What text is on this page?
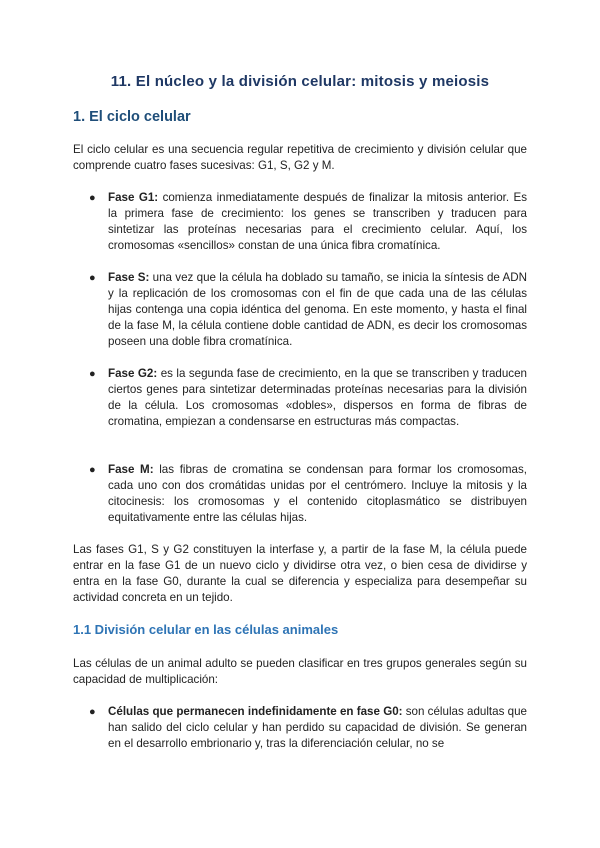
11. El núcleo y la división celular: mitosis y meiosis
1. El ciclo celular

El ciclo celular es una secuencia regular repetitiva de crecimiento y división celular que comprende cuatro fases sucesivas: G1, S, G2 y M.

● Fase G1: comienza inmediatamente después de finalizar la mitosis anterior. Es la primera fase de crecimiento: los genes se transcriben y traducen para sintetizar las proteínas necesarias para el crecimiento celular. Aquí, los cromosomas «sencillos» constan de una única fibra cromatínica.

● Fase S: una vez que la célula ha doblado su tamaño, se inicia la síntesis de ADN y la replicación de los cromosomas con el fin de que cada una de las células hijas contenga una copia idéntica del genoma. En este momento, y hasta el final de la fase M, la célula contiene doble cantidad de ADN, es decir los cromosomas poseen una doble fibra cromatínica.

● Fase G2: es la segunda fase de crecimiento, en la que se transcriben y traducen ciertos genes para sintetizar determinadas proteínas necesarias para la división de la célula. Los cromosomas «dobles», dispersos en forma de fibras de cromatina, empiezan a condensarse en estructuras más compactas.

● Fase M: las fibras de cromatina se condensan para formar los cromosomas, cada uno con dos cromátidas unidas por el centrómero. Incluye la mitosis y la citocinesis: los cromosomas y el contenido citoplasmático se distribuyen equitativamente entre las células hijas.

Las fases G1, S y G2 constituyen la interfase y, a partir de la fase M, la célula puede entrar en la fase G1 de un nuevo ciclo y dividirse otra vez, o bien cesa de dividirse y entra en la fase G0, durante la cual se diferencia y especializa para desempeñar su actividad concreta en un tejido.

1.1 División celular en las células animales

Las células de un animal adulto se pueden clasificar en tres grupos generales según su capacidad de multiplicación:

● Células que permanecen indefinidamente en fase G0: son células adultas que han salido del ciclo celular y han perdido su capacidad de división. Se generan en el desarrollo embrionario y, tras la diferenciación celular, no se
